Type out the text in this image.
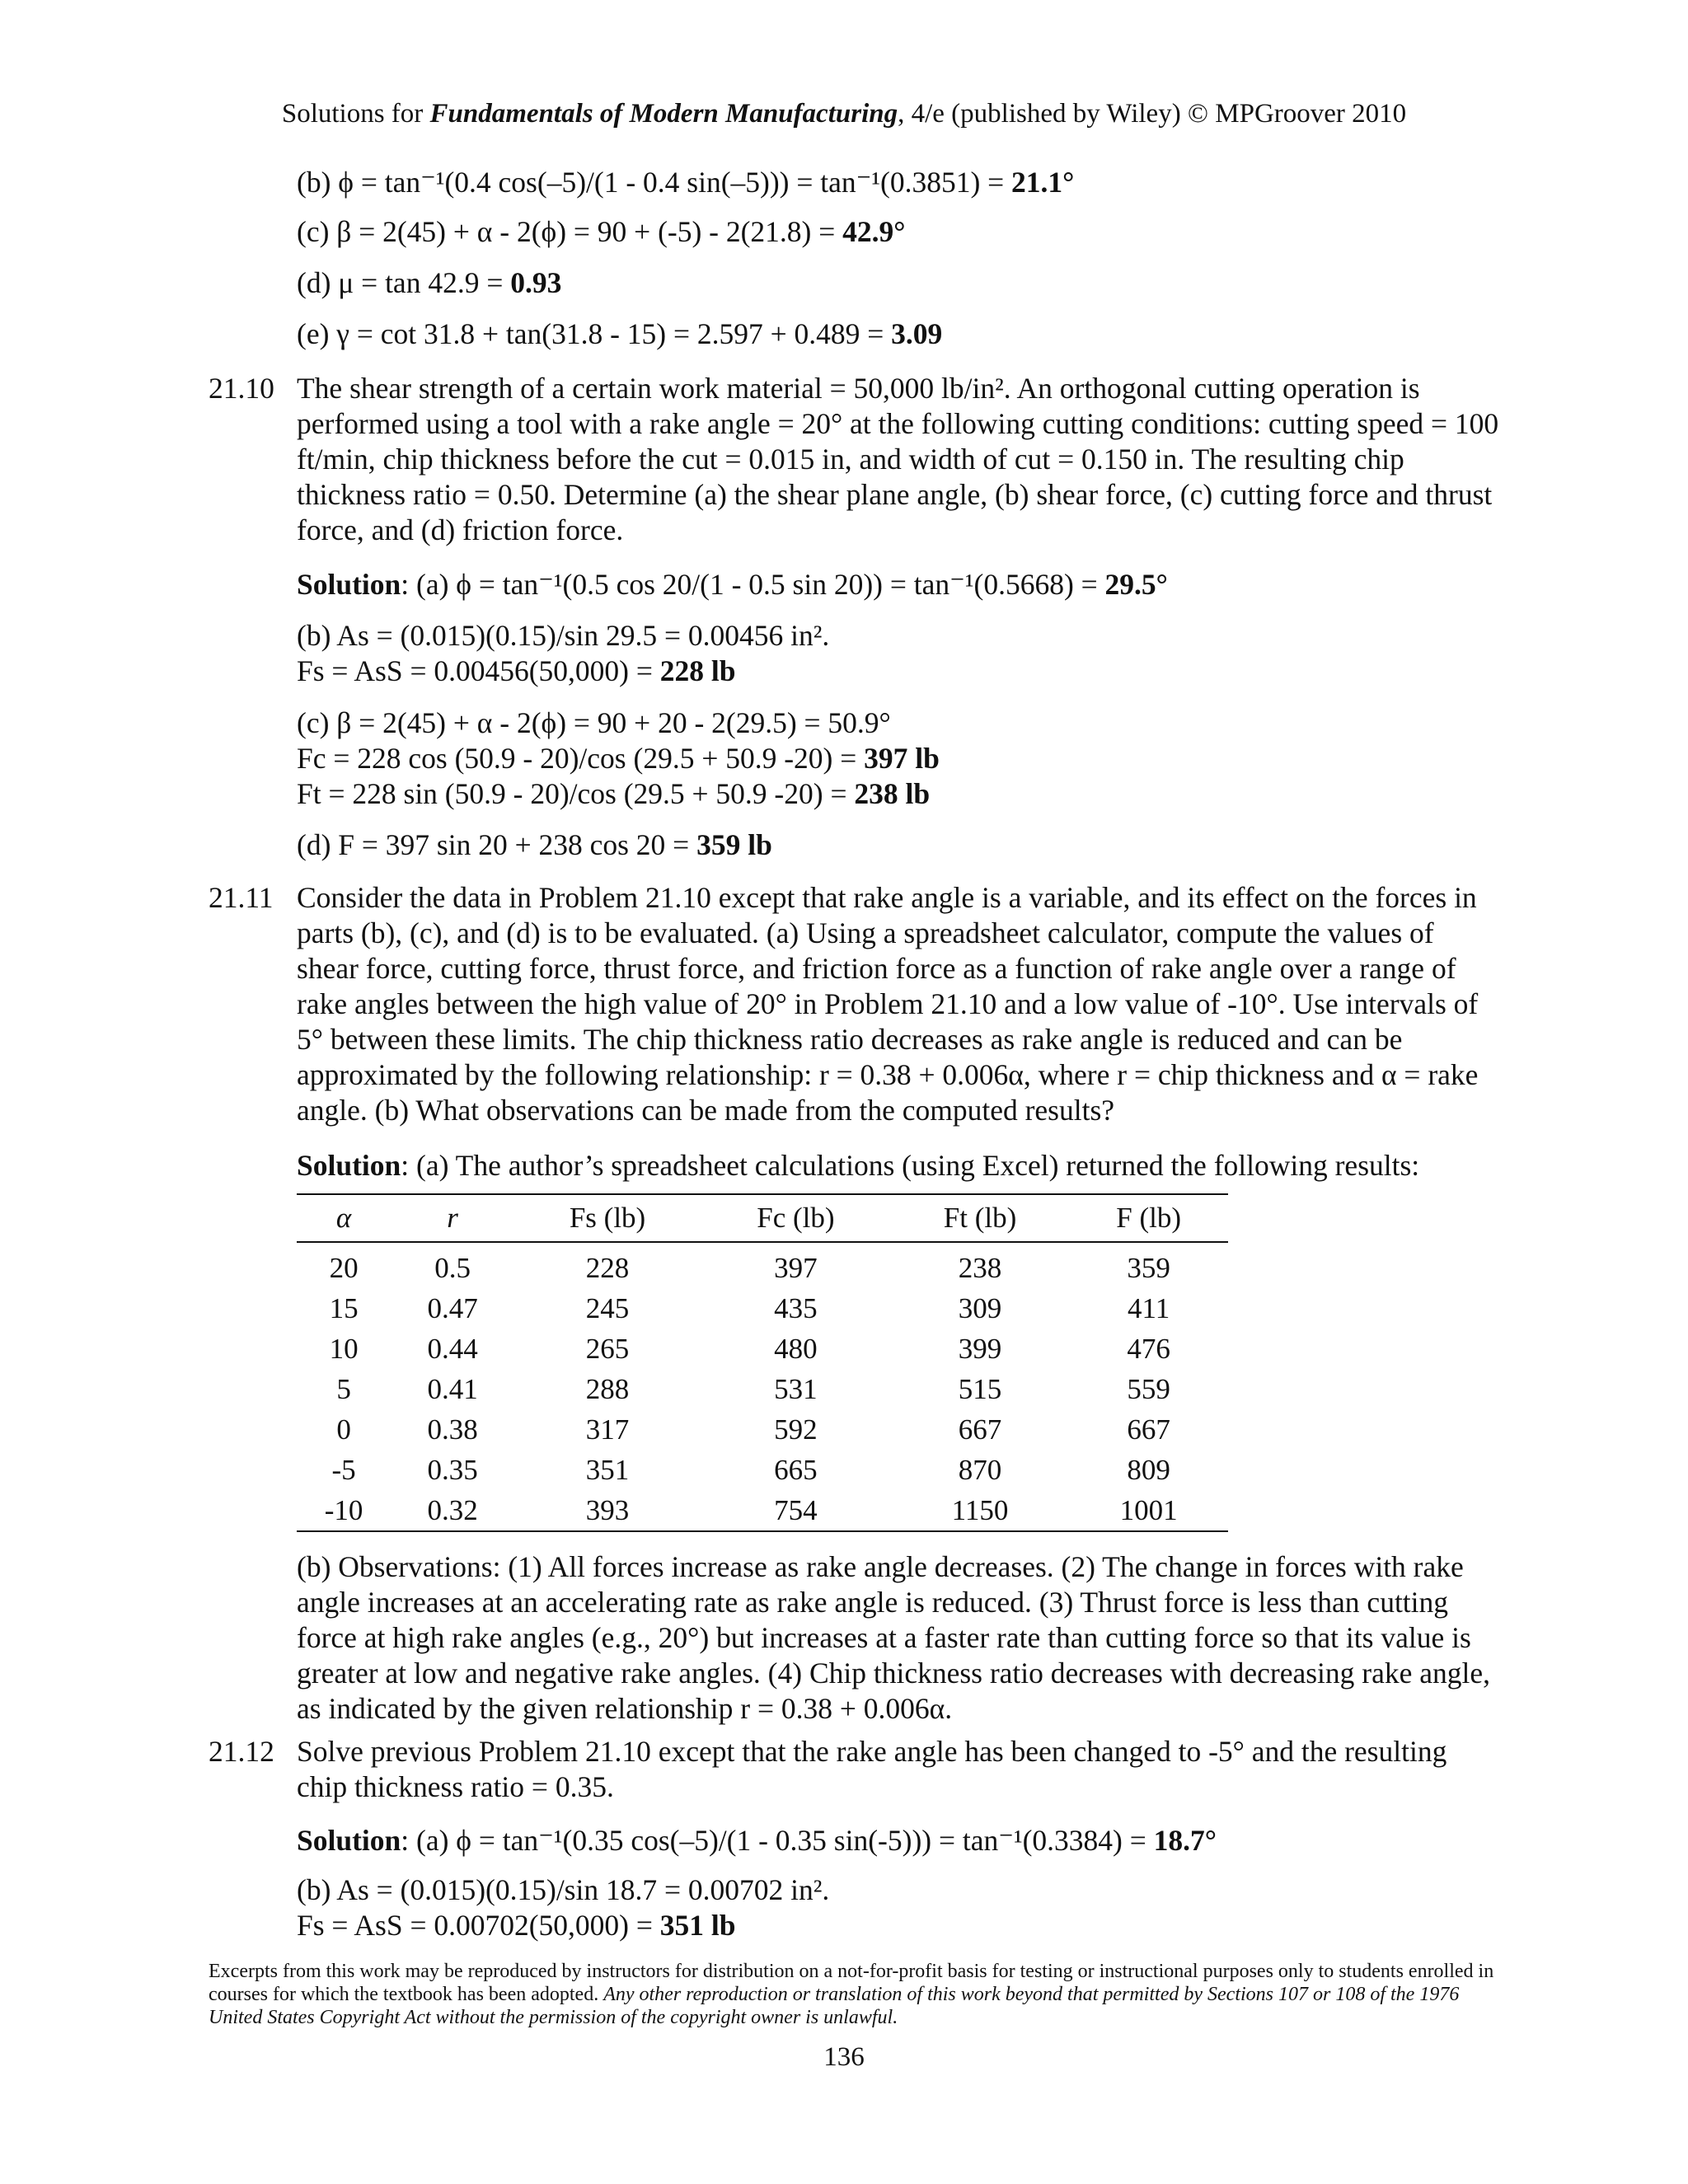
Solutions for Fundamentals of Modern Manufacturing, 4/e (published by Wiley) © MPGroover 2010
(b) ϕ = tan⁻¹(0.4 cos(–5)/(1 - 0.4 sin(–5))) = tan⁻¹(0.3851) = 21.1°
(c) β = 2(45) + α - 2(ϕ) = 90 + (-5) - 2(21.8) = 42.9°
(d) μ = tan 42.9 = 0.93
(e) γ = cot 31.8 + tan(31.8 - 15) = 2.597 + 0.489 = 3.09
21.10 The shear strength of a certain work material = 50,000 lb/in². An orthogonal cutting operation is performed using a tool with a rake angle = 20° at the following cutting conditions: cutting speed = 100 ft/min, chip thickness before the cut = 0.015 in, and width of cut = 0.150 in. The resulting chip thickness ratio = 0.50. Determine (a) the shear plane angle, (b) shear force, (c) cutting force and thrust force, and (d) friction force.
Solution: (a) ϕ = tan⁻¹(0.5 cos 20/(1 - 0.5 sin 20)) = tan⁻¹(0.5668) = 29.5°
(b) As = (0.015)(0.15)/sin 29.5 = 0.00456 in².
Fs = AsS = 0.00456(50,000) = 228 lb
(c) β = 2(45) + α - 2(ϕ) = 90 + 20 - 2(29.5) = 50.9°
Fc = 228 cos (50.9 - 20)/cos (29.5 + 50.9 -20) = 397 lb
Ft = 228 sin (50.9 - 20)/cos (29.5 + 50.9 -20) = 238 lb
(d) F = 397 sin 20 + 238 cos 20 = 359 lb
21.11 Consider the data in Problem 21.10 except that rake angle is a variable, and its effect on the forces in parts (b), (c), and (d) is to be evaluated. (a) Using a spreadsheet calculator, compute the values of shear force, cutting force, thrust force, and friction force as a function of rake angle over a range of rake angles between the high value of 20° in Problem 21.10 and a low value of -10°. Use intervals of 5° between these limits. The chip thickness ratio decreases as rake angle is reduced and can be approximated by the following relationship: r = 0.38 + 0.006α, where r = chip thickness and α = rake angle. (b) What observations can be made from the computed results?
Solution: (a) The author’s spreadsheet calculations (using Excel) returned the following results:
α	r	Fs (lb)	Fc (lb)	Ft (lb)	F (lb)
20	0.5	228	397	238	359
15	0.47	245	435	309	411
10	0.44	265	480	399	476
5	0.41	288	531	515	559
0	0.38	317	592	667	667
-5	0.35	351	665	870	809
-10	0.32	393	754	1150	1001
(b) Observations: (1) All forces increase as rake angle decreases. (2) The change in forces with rake angle increases at an accelerating rate as rake angle is reduced. (3) Thrust force is less than cutting force at high rake angles (e.g., 20°) but increases at a faster rate than cutting force so that its value is greater at low and negative rake angles. (4) Chip thickness ratio decreases with decreasing rake angle, as indicated by the given relationship r = 0.38 + 0.006α.
21.12 Solve previous Problem 21.10 except that the rake angle has been changed to -5° and the resulting chip thickness ratio = 0.35.
Solution: (a) ϕ = tan⁻¹(0.35 cos(–5)/(1 - 0.35 sin(-5))) = tan⁻¹(0.3384) = 18.7°
(b) As = (0.015)(0.15)/sin 18.7 = 0.00702 in².
Fs = AsS = 0.00702(50,000) = 351 lb
Excerpts from this work may be reproduced by instructors for distribution on a not-for-profit basis for testing or instructional purposes only to students enrolled in courses for which the textbook has been adopted. Any other reproduction or translation of this work beyond that permitted by Sections 107 or 108 of the 1976 United States Copyright Act without the permission of the copyright owner is unlawful.
136
